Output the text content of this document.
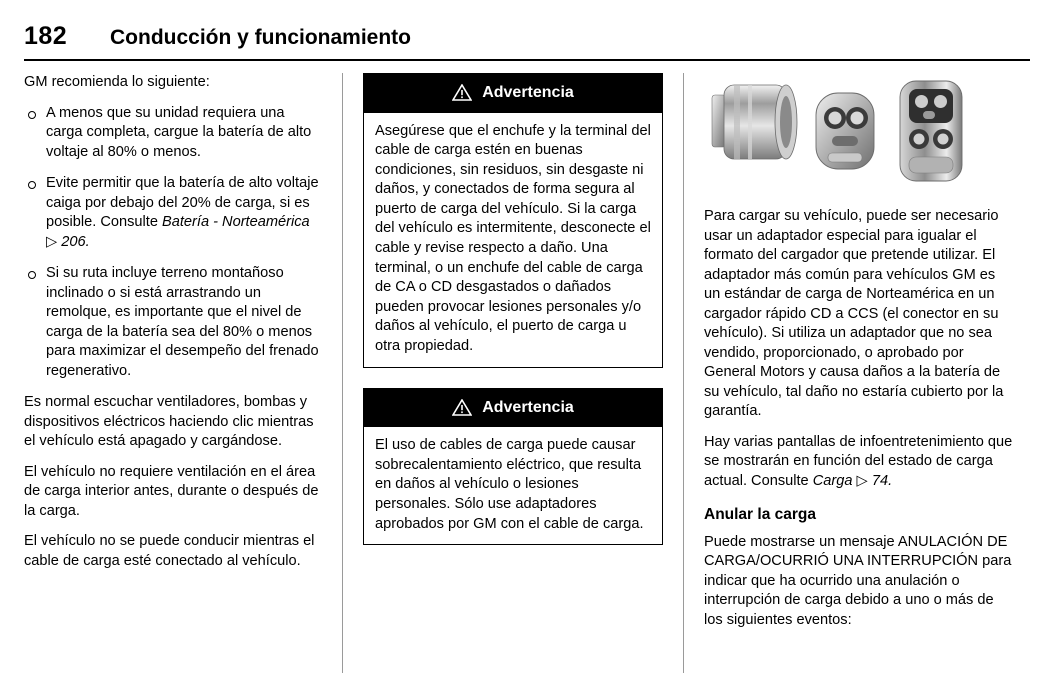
182	Conducción y funcionamiento

GM recomienda lo siguiente:

A menos que su unidad requiera una carga completa, cargue la batería de alto voltaje al 80% o menos.
Evite permitir que la batería de alto voltaje caiga por debajo del 20% de carga, si es posible. Consulte Batería - Norteamérica
▷ 206.
Si su ruta incluye terreno montañoso inclinado o si está arrastrando un remolque, es importante que el nivel de carga de la batería sea del 80% o menos para maximizar el desempeño del frenado regenerativo.

Es normal escuchar ventiladores, bombas y dispositivos eléctricos haciendo clic mientras el vehículo está apagado y cargándose.

El vehículo no requiere ventilación en el área de carga interior antes, durante o después de la carga.

El vehículo no se puede conducir mientras el cable de carga esté conectado al vehículo.

Advertencia

Asegúrese que el enchufe y la terminal del cable de carga estén en buenas condiciones, sin residuos, sin desgaste ni daños, y conectados de forma segura al puerto de carga del vehículo. Si la carga del vehículo es intermitente, desconecte el cable y revise respecto a daño. Una terminal, o un enchufe del cable de carga de CA o CD desgastados o dañados pueden provocar lesiones personales y/o daños al vehículo, el puerto de carga u otra propiedad.

Advertencia

El uso de cables de carga puede causar sobrecalentamiento eléctrico, que resulta en daños al vehículo o lesiones personales. Sólo use adaptadores aprobados por GM con el cable de carga.

Para cargar su vehículo, puede ser necesario usar un adaptador especial para igualar el formato del cargador que pretende utilizar. El adaptador más común para vehículos GM es un estándar de carga de Norteamérica en un cargador rápido CD a CCS (el conector en su vehículo). Si utiliza un adaptador que no sea vendido, proporcionado, o aprobado por General Motors y causa daños a la batería de su vehículo, tal daño no estaría cubierto por la garantía.

Hay varias pantallas de infoentretenimiento que se mostrarán en función del estado de carga actual. Consulte Carga ▷ 74.

Anular la carga

Puede mostrarse un mensaje ANULACIÓN DE CARGA/OCURRIÓ UNA INTERRUPCIÓN para indicar que ha ocurrido una anulación o interrupción de carga debido a uno o más de los siguientes eventos:
